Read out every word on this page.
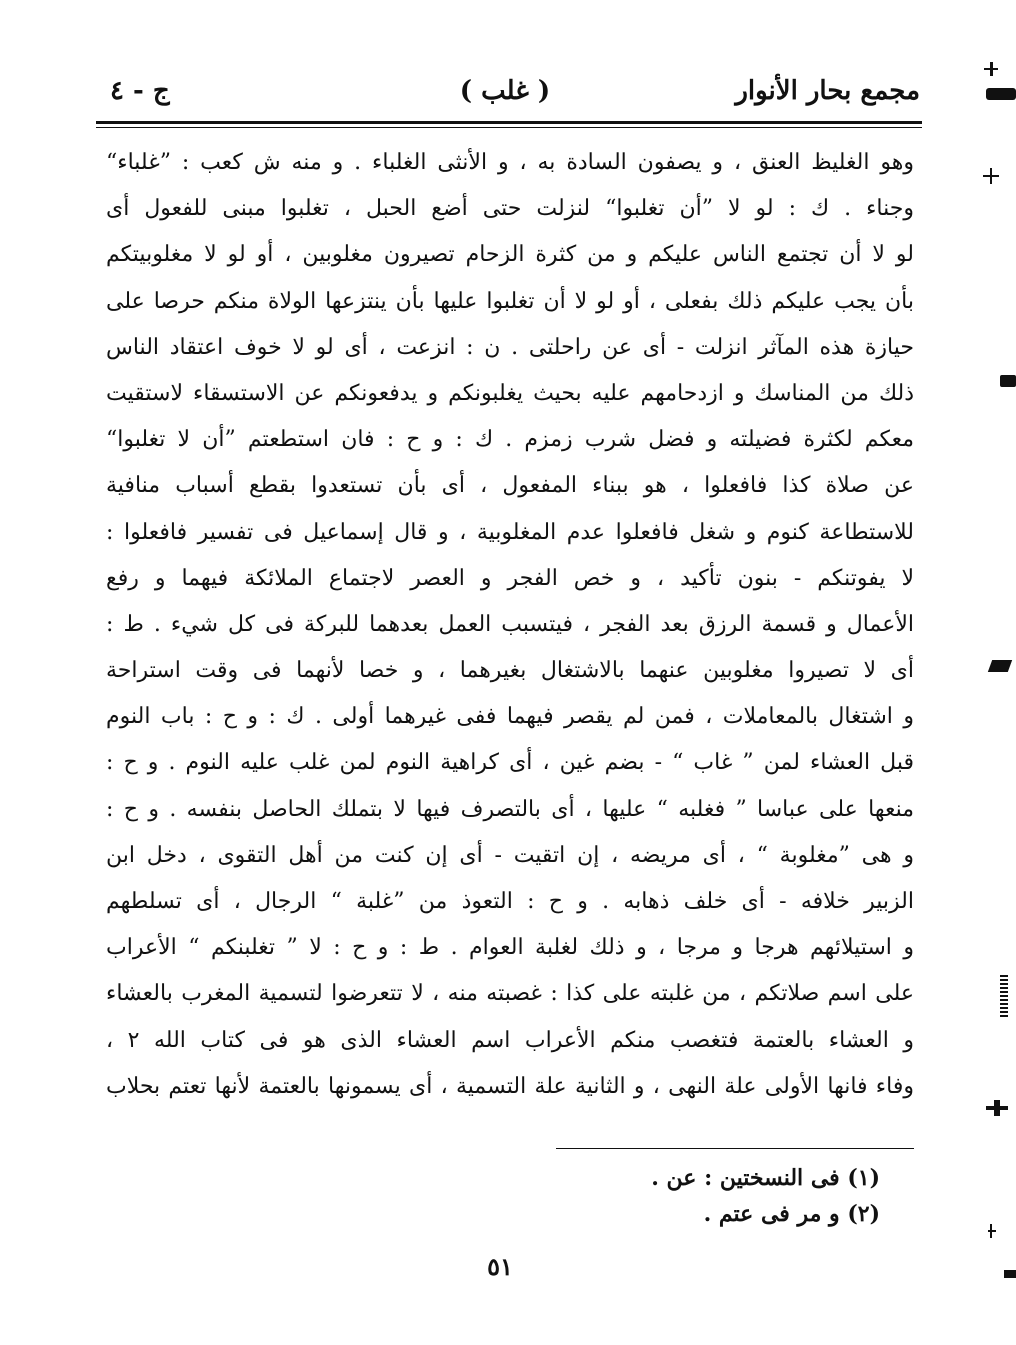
مجمع بحار الأنوار
( غلب )
ج - ٤
وهو الغليظ العنق ، و يصفون السادة به ، و الأنثى الغلباء . و منه ش كعب : ”غلباء“
وجناء . ك : لو لا ”أن تغلبوا“ لنزلت حتى أضع الحبل ، تغلبوا مبنى للفعول أى
لو لا أن تجتمع الناس عليكم و من كثرة الزحام تصيرون مغلوبين ، أو لو لا مغلوبيتكم
بأن يجب عليكم ذلك بفعلى ، أو لو لا أن تغلبوا عليها بأن ينتزعها الولاة منكم حرصا على
حيازة هذه المآثر انزلت - أى عن راحلتى . ن : انزعت ، أى لو لا خوف اعتقاد الناس
ذلك من المناسك و ازدحامهم عليه بحيث يغلبونكم و يدفعونكم عن الاستسقاء لاستقيت
معكم لكثرة فضيلته و فضل شرب زمزم . ك : و ح : فان استطعتم ”أن لا تغلبوا“
عن صلاة كذا فافعلوا ، هو ببناء المفعول ، أى بأن تستعدوا بقطع أسباب منافية
للاستطاعة كنوم و شغل فافعلوا عدم المغلوبية ، و قال إسماعيل فى تفسير فافعلوا :
لا يفوتنكم - بنون تأكيد ، و خص الفجر و العصر لاجتماع الملائكة فيهما و رفع
الأعمال و قسمة الرزق بعد الفجر ، فيتسبب العمل بعدهما للبركة فى كل شيء . ط :
أى لا تصيروا مغلوبين عنهما بالاشتغال بغيرهما ، و خصا لأنهما فى وقت استراحة
و اشتغال بالمعاملات ، فمن لم يقصر فيهما ففى غيرهما أولى . ك : و ح : باب النوم
قبل العشاء لمن ” غاب “ - بضم غين ، أى كراهية النوم لمن غلب عليه النوم . و ح :
منعها على عباسا ” فغلبه “ عليها ، أى بالتصرف فيها لا بتملك الحاصل بنفسه . و ح :
و هى ”مغلوبة “ ، أى مريضه ، إن اتقيت - أى إن كنت من أهل التقوى ، دخل ابن
الزبير خلافه - أى خلف ذهابه . و ح : التعوذ من ”غلبة “ الرجال ، أى تسلطهم
و استيلائهم هرجا و مرجا ، و ذلك لغلبة العوام . ط : و ح : لا ” تغلبنكم “ الأعراب
على اسم صلاتكم ، من غلبته على كذا : غصبته منه ، لا تتعرضوا لتسمية المغرب بالعشاء
و العشاء بالعتمة فتغصب منكم الأعراب اسم العشاء الذى هو فى كتاب الله ٢ ،
وفاء فانها الأولى علة النهى ، و الثانية علة التسمية ، أى يسمونها بالعتمة لأنها تعتم بحلاب
(١) فى النسختين : عن .
(٢) و مر فى عتم .
٥١
